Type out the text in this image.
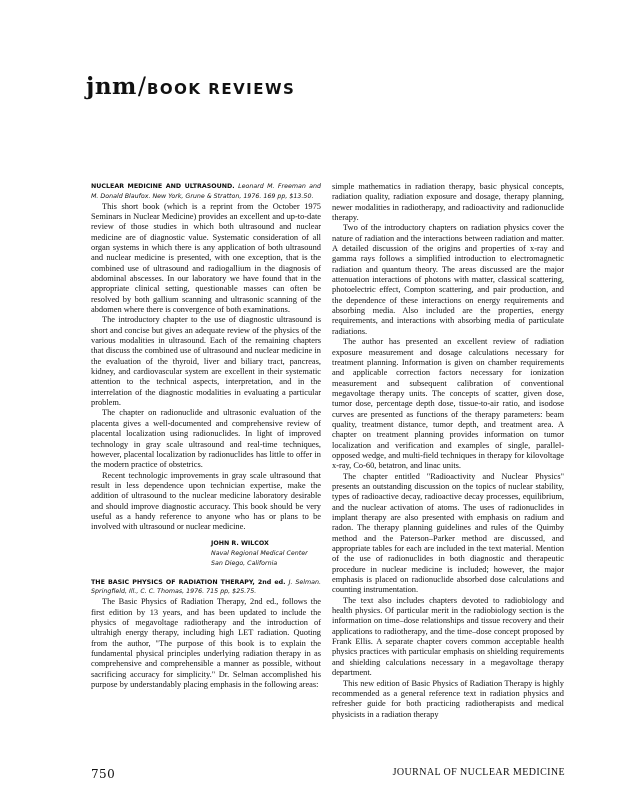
jnm / BOOK REVIEWS
NUCLEAR MEDICINE AND ULTRASOUND. Leonard M. Freeman and M. Donald Blaufox. New York, Grune & Stratton, 1976. 169 pp, $13.50.

This short book (which is a reprint from the October 1975 Seminars in Nuclear Medicine) provides an excellent and up-to-date review of those studies in which both ultrasound and nuclear medicine are of diagnostic value. Systematic consideration of all organ systems in which there is any application of both ultrasound and nuclear medicine is presented, with one exception, that is the combined use of ultrasound and radiogallium in the diagnosis of abdominal abscesses. In our laboratory we have found that in the appropriate clinical setting, questionable masses can often be resolved by both gallium scanning and ultrasonic scanning of the abdomen where there is convergence of both examinations.

The introductory chapter to the use of diagnostic ultrasound is short and concise but gives an adequate review of the physics of the various modalities in ultrasound. Each of the remaining chapters that discuss the combined use of ultrasound and nuclear medicine in the evaluation of the thyroid, liver and biliary tract, pancreas, kidney, and cardiovascular system are excellent in their systematic attention to the technical aspects, interpretation, and in the interrelation of the diagnostic modalities in evaluating a particular problem.

The chapter on radionuclide and ultrasonic evaluation of the placenta gives a well-documented and comprehensive review of placental localization using radionuclides. In light of improved technology in gray scale ultrasound and real-time techniques, however, placental localization by radionuclides has little to offer in the modern practice of obstetrics.

Recent technologic improvements in gray scale ultrasound that result in less dependence upon technician expertise, make the addition of ultrasound to the nuclear medicine laboratory desirable and should improve diagnostic accuracy. This book should be very useful as a handy reference to anyone who has or plans to be involved with ultrasound or nuclear medicine.

JOHN R. WILCOX
Naval Regional Medical Center
San Diego, California
THE BASIC PHYSICS OF RADIATION THERAPY, 2nd ed. J. Selman. Springfield, Ill., C. C. Thomas, 1976. 715 pp, $25.75.

The Basic Physics of Radiation Therapy, 2nd ed., follows the first edition by 13 years, and has been updated to include the physics of megavoltage radiotherapy and the introduction of ultrahigh energy therapy, including high LET radiation. Quoting from the author, "The purpose of this book is to explain the fundamental physical principles underlying radiation therapy in as comprehensive and comprehensible a manner as possible, without sacrificing accuracy for simplicity." Dr. Selman accomplished his purpose by understandably placing emphasis in the following areas:

simple mathematics in radiation therapy, basic physical concepts, radiation quality, radiation exposure and dosage, therapy planning, newer modalities in radiotherapy, and radioactivity and radionuclide therapy.

Two of the introductory chapters on radiation physics cover the nature of radiation and the interactions between radiation and matter. A detailed discussion of the origins and properties of x-ray and gamma rays follows a simplified introduction to electromagnetic radiation and quantum theory. The areas discussed are the major attenuation interactions of photons with matter, classical scattering, photoelectric effect, Compton scattering, and pair production, and the dependence of these interactions on energy requirements and absorbing media. Also included are the properties, energy requirements, and interactions with absorbing media of particulate radiations.

The author has presented an excellent review of radiation exposure measurement and dosage calculations necessary for treatment planning. Information is given on chamber requirements and applicable correction factors necessary for ionization measurement and subsequent calibration of conventional megavoltage therapy units. The concepts of scatter, given dose, tumor dose, percentage depth dose, tissue-to-air ratio, and isodose curves are presented as functions of the therapy parameters: beam quality, treatment distance, tumor depth, and treatment area. A chapter on treatment planning provides information on tumor localization and verification and examples of single, parallel-opposed wedge, and multi-field techniques in therapy for kilovoltage x-ray, Co-60, betatron, and linac units.

The chapter entitled "Radioactivity and Nuclear Physics" presents an outstanding discussion on the topics of nuclear stability, types of radioactive decay, radioactive decay processes, equilibrium, and the nuclear activation of atoms. The uses of radionuclides in implant therapy are also presented with emphasis on radium and radon. The therapy planning guidelines and rules of the Quimby method and the Paterson–Parker method are discussed, and appropriate tables for each are included in the text material. Mention of the use of radionuclides in both diagnostic and therapeutic procedure in nuclear medicine is included; however, the major emphasis is placed on radionuclide absorbed dose calculations and counting instrumentation.

The text also includes chapters devoted to radiobiology and health physics. Of particular merit in the radiobiology section is the information on time–dose relationships and tissue recovery and their applications to radiotherapy, and the time–dose concept proposed by Frank Ellis. A separate chapter covers common acceptable health physics practices with particular emphasis on shielding requirements and shielding calculations necessary in a megavoltage therapy department.

This new edition of Basic Physics of Radiation Therapy is highly recommended as a general reference text in radiation physics and refresher guide for both practicing radiotherapists and medical physicists in a radiation therapy

750	JOURNAL OF NUCLEAR MEDICINE
